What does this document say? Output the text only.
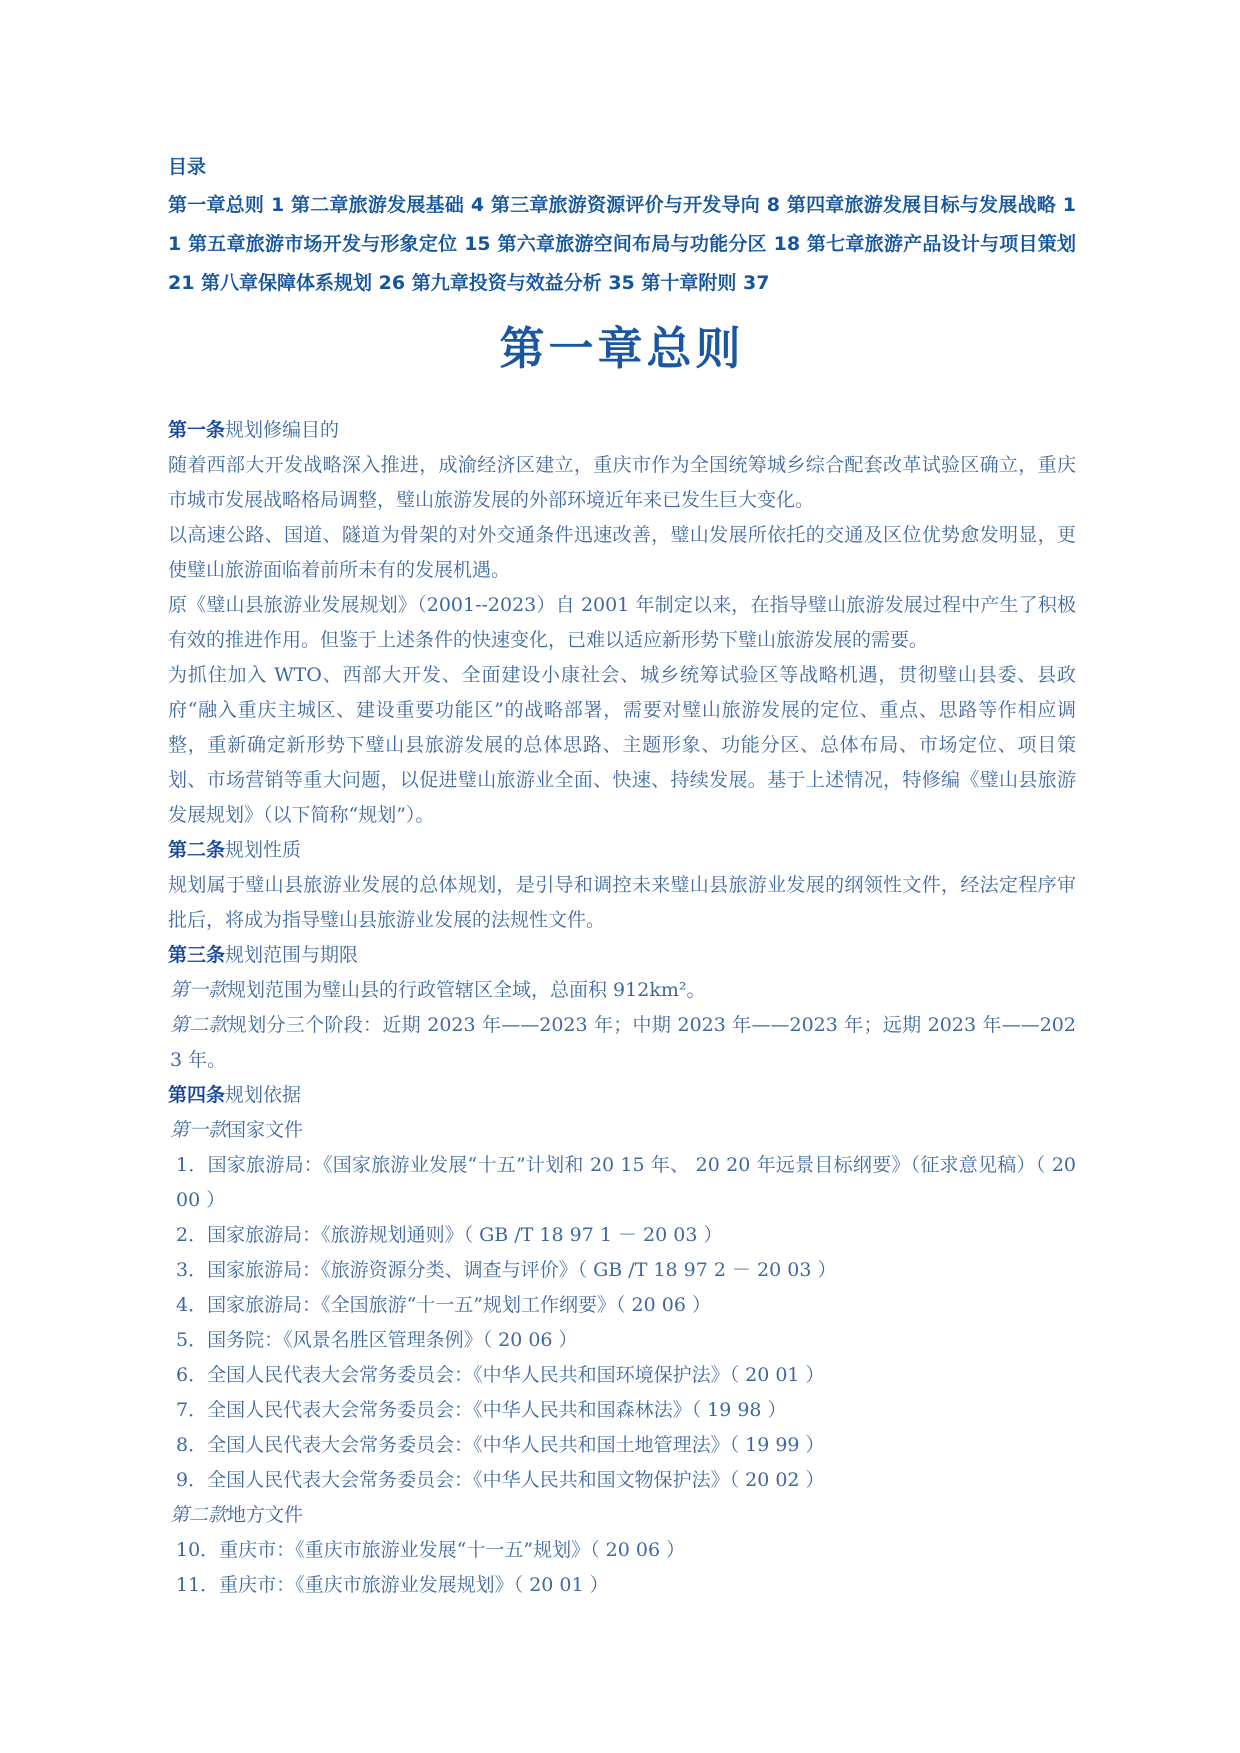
目录

第一章总则 1 第二章旅游发展基础 4 第三章旅游资源评价与开发导向 8 第四章旅游发展目标与发展战略 11 第五章旅游市场开发与形象定位 15 第六章旅游空间布局与功能分区 18 第七章旅游产品设计与项目策划 21 第八章保障体系规划 26 第九章投资与效益分析 35 第十章附则 37

第一章总则

第一条规划修编目的

随着西部大开发战略深入推进，成渝经济区建立，重庆市作为全国统筹城乡综合配套改革试验区确立，重庆市城市发展战略格局调整，璧山旅游发展的外部环境近年来已发生巨大变化。

以高速公路、国道、隧道为骨架的对外交通条件迅速改善，璧山发展所依托的交通及区位优势愈发明显，更使璧山旅游面临着前所未有的发展机遇。

原《璧山县旅游业发展规划》（2001--2023）自 2001 年制定以来，在指导璧山旅游发展过程中产生了积极有效的推进作用。但鉴于上述条件的快速变化，已难以适应新形势下璧山旅游发展的需要。

为抓住加入 WTO、西部大开发、全面建设小康社会、城乡统筹试验区等战略机遇，贯彻璧山县委、县政府“融入重庆主城区、建设重要功能区”的战略部署，需要对璧山旅游发展的定位、重点、思路等作相应调整，重新确定新形势下璧山县旅游发展的总体思路、主题形象、功能分区、总体布局、市场定位、项目策划、市场营销等重大问题，以促进璧山旅游业全面、快速、持续发展。基于上述情况，特修编《璧山县旅游发展规划》（以下简称“规划”）。

第二条规划性质

规划属于璧山县旅游业发展的总体规划，是引导和调控未来璧山县旅游业发展的纲领性文件，经法定程序审批后，将成为指导璧山县旅游业发展的法规性文件。

第三条规划范围与期限

第一款规划范围为璧山县的行政管辖区全域，总面积 912km²。

第二款规划分三个阶段：近期 2023 年——2023 年；中期 2023 年——2023 年；远期 2023 年——2023 年。

第四条规划依据

第一款国家文件

1．国家旅游局：《国家旅游业发展“十五”计划和 20 15 年、 20 20 年远景目标纲要》（征求意见稿）（ 20 00 ）

2．国家旅游局：《旅游规划通则》（ GB /T 18 97 1 － 20 03 ）

3．国家旅游局：《旅游资源分类、调查与评价》（ GB /T 18 97 2 － 20 03 ）

4．国家旅游局：《全国旅游“十一五”规划工作纲要》（ 20 06 ）

5．国务院：《风景名胜区管理条例》（ 20 06 ）

6．全国人民代表大会常务委员会：《中华人民共和国环境保护法》（ 20 01 ）

7．全国人民代表大会常务委员会：《中华人民共和国森林法》（ 19 98 ）

8．全国人民代表大会常务委员会：《中华人民共和国土地管理法》（ 19 99 ）

9．全国人民代表大会常务委员会：《中华人民共和国文物保护法》（ 20 02 ）

第二款地方文件

10．重庆市：《重庆市旅游业发展“十一五”规划》（ 20 06 ）

11．重庆市：《重庆市旅游业发展规划》（ 20 01 ）
